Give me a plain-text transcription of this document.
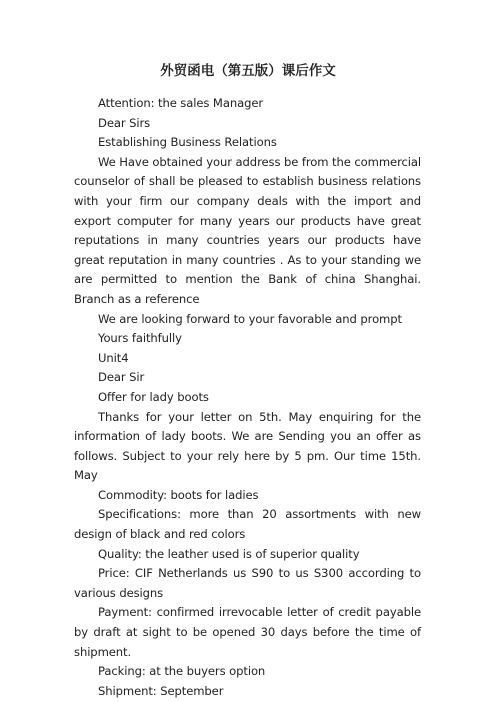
外贸函电（第五版）课后作文

Attention: the sales Manager

Dear Sirs

Establishing Business Relations

We Have obtained your address be from the commercial counselor of shall be pleased to establish business relations with your firm our company deals with the import and export computer for many years our products have great reputations in many countries years our products have great reputation in many countries . As to your standing we are permitted to mention the Bank of china Shanghai. Branch as a reference

We are looking forward to your favorable and prompt

Yours faithfully

Unit4

Dear Sir

Offer for lady boots

Thanks for your letter on 5th. May enquiring for the information of lady boots. We are Sending you an offer as follows. Subject to your rely here by 5 pm. Our time 15th. May

Commodity: boots for ladies

Specifications: more than 20 assortments with new design of black and red colors

Quality: the leather used is of superior quality

Price: CIF Netherlands us S90 to us S300 according to various designs

Payment: confirmed irrevocable letter of credit payable by draft at sight to be opened 30 days before the time of shipment.

Packing: at the buyers option

Shipment: September
